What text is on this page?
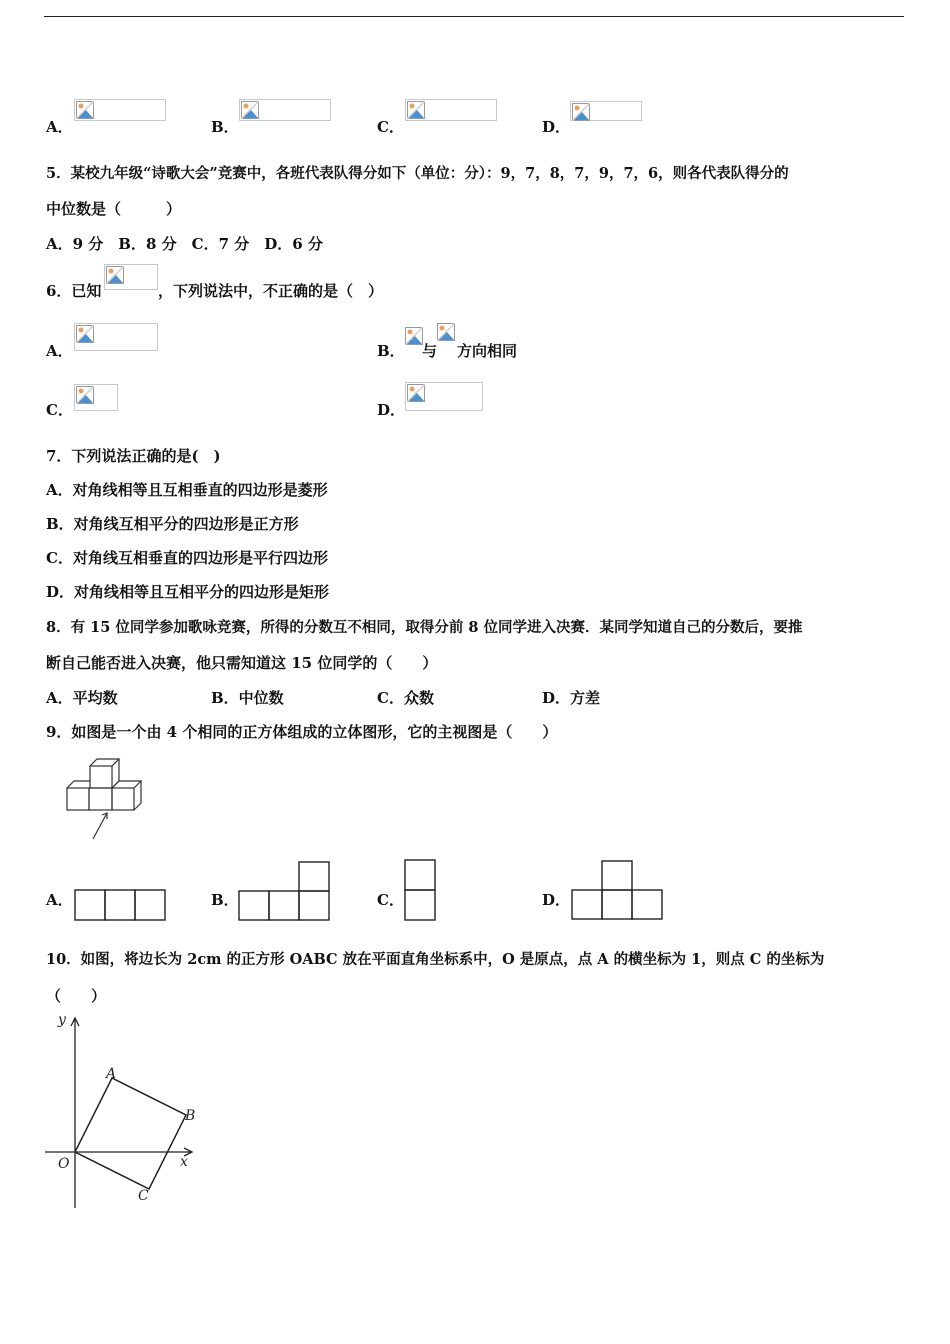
A．	B．	C．	D．
5．某校九年级“诗歌大会”竞赛中，各班代表队得分如下（单位：分）：9，7，8，7，9，7，6，则各代表队得分的
中位数是（　　　）
A．9 分　B．8 分　C．7 分　D．6 分
6．已知	，下列说法中，不正确的是（　）
A．	B． 与 方向相同
C．	D．
7．下列说法正确的是(　)
A．对角线相等且互相垂直的四边形是菱形
B．对角线互相平分的四边形是正方形
C．对角线互相垂直的四边形是平行四边形
D．对角线相等且互相平分的四边形是矩形
8．有 15 位同学参加歌咏竞赛，所得的分数互不相同，取得分前 8 位同学进入决赛．某同学知道自己的分数后，要推
断自己能否进入决赛，他只需知道这 15 位同学的（　　）
A．平均数	B．中位数	C．众数	D．方差
9．如图是一个由 4 个相同的正方体组成的立体图形，它的主视图是（　　）
A．	B．	C．	D．
10．如图，将边长为 2cm 的正方形 OABC 放在平面直角坐标系中，O 是原点，点 A 的横坐标为 1，则点 C 的坐标为
（　　）
y
x
O
A
B
C
